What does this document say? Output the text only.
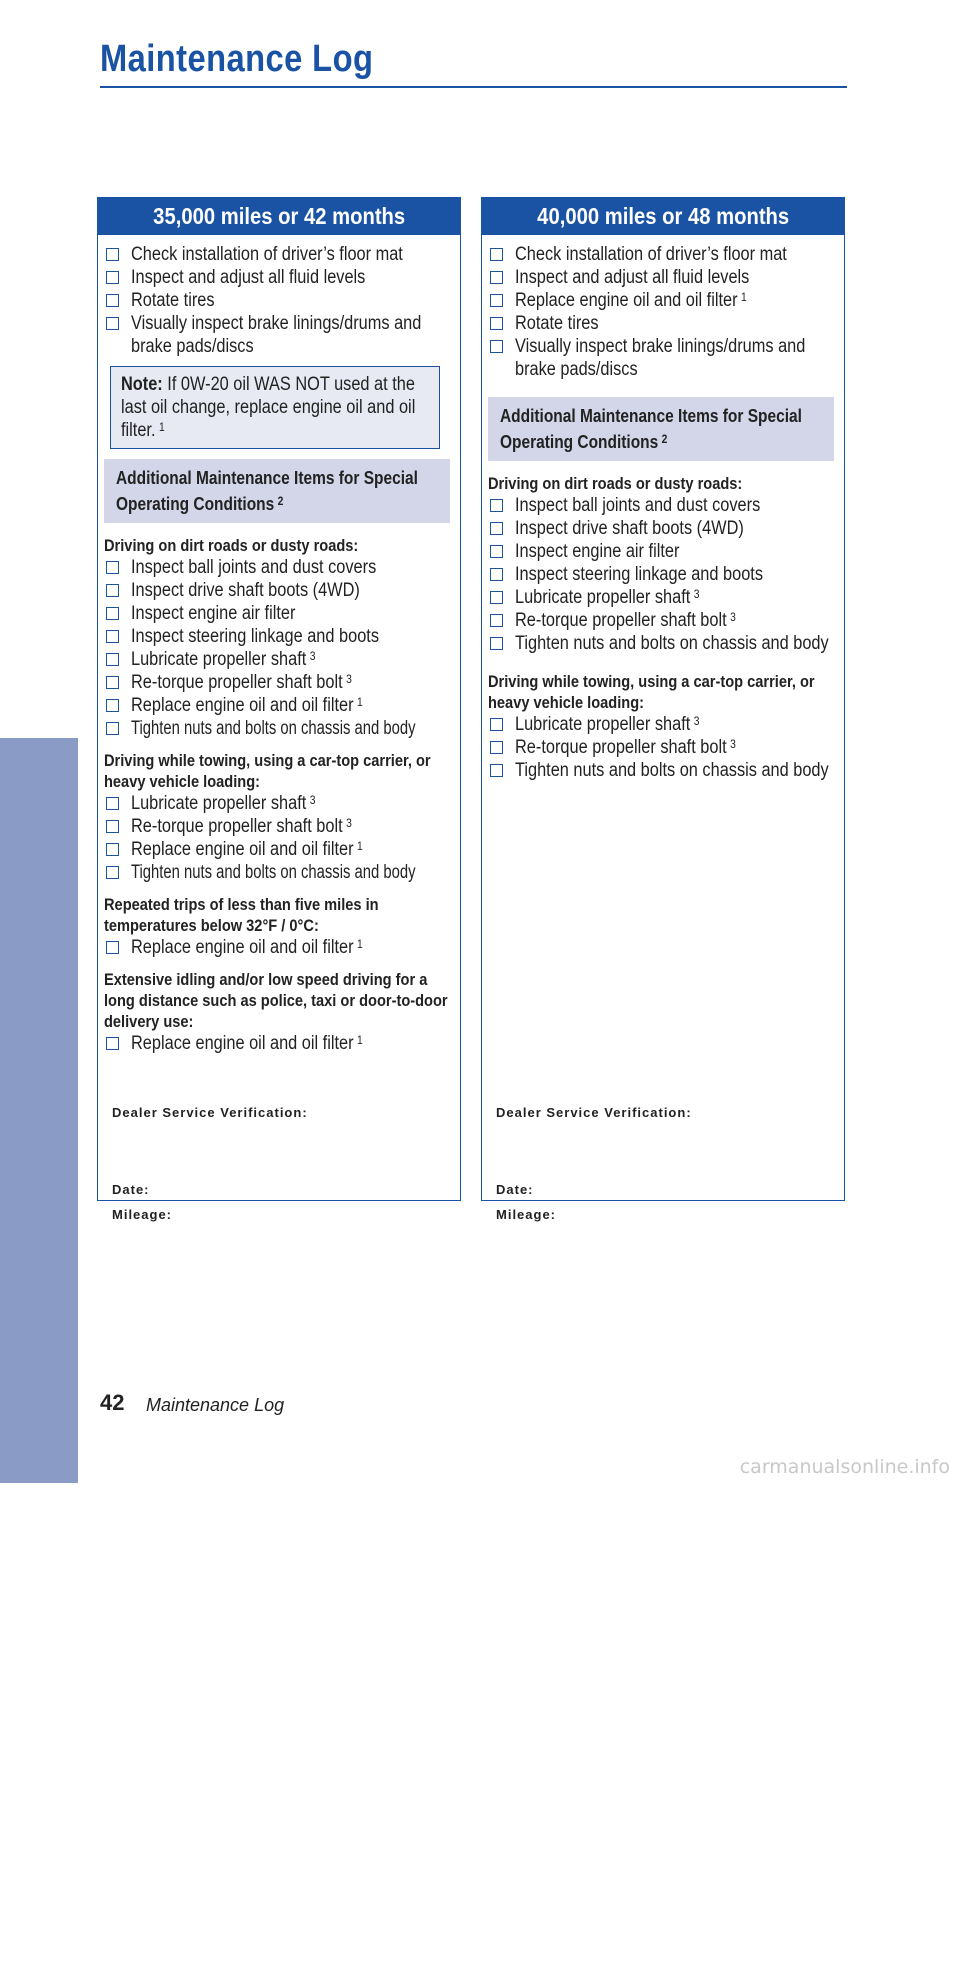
Maintenance Log
MAINTENANCE
35,000 miles or 42 months
Check installation of driver’s floor mat
Inspect and adjust all fluid levels
Rotate tires
Visually inspect brake linings/drums and brake pads/discs
Note: If 0W-20 oil WAS NOT used at the last oil change, replace engine oil and oil filter. $^1$
Additional Maintenance Items for Special Operating Conditions $^2$
Driving on dirt roads or dusty roads:
Inspect ball joints and dust covers
Inspect drive shaft boots (4WD)
Inspect engine air filter
Inspect steering linkage and boots
Lubricate propeller shaft $^3$
Re-torque propeller shaft bolt $^3$
Replace engine oil and oil filter $^1$
Tighten nuts and bolts on chassis and body
Driving while towing, using a car-top carrier, or heavy vehicle loading:
Lubricate propeller shaft $^3$
Re-torque propeller shaft bolt $^3$
Replace engine oil and oil filter $^1$
Tighten nuts and bolts on chassis and body
Repeated trips of less than five miles in temperatures below 32°F / 0°C:
Replace engine oil and oil filter $^1$
Extensive idling and/or low speed driving for a long distance such as police, taxi or door-to-door delivery use:
Replace engine oil and oil filter $^1$
Dealer Service Verification:
Date:
Mileage:
40,000 miles or 48 months
Check installation of driver’s floor mat
Inspect and adjust all fluid levels
Replace engine oil and oil filter $^1$
Rotate tires
Visually inspect brake linings/drums and brake pads/discs
Additional Maintenance Items for Special Operating Conditions $^2$
Driving on dirt roads or dusty roads:
Inspect ball joints and dust covers
Inspect drive shaft boots (4WD)
Inspect engine air filter
Inspect steering linkage and boots
Lubricate propeller shaft $^3$
Re-torque propeller shaft bolt $^3$
Tighten nuts and bolts on chassis and body
Driving while towing, using a car-top carrier, or heavy vehicle loading:
Lubricate propeller shaft $^3$
Re-torque propeller shaft bolt $^3$
Tighten nuts and bolts on chassis and body
Dealer Service Verification:
Date:
Mileage:
42 Maintenance Log
carmanualsonline.info
